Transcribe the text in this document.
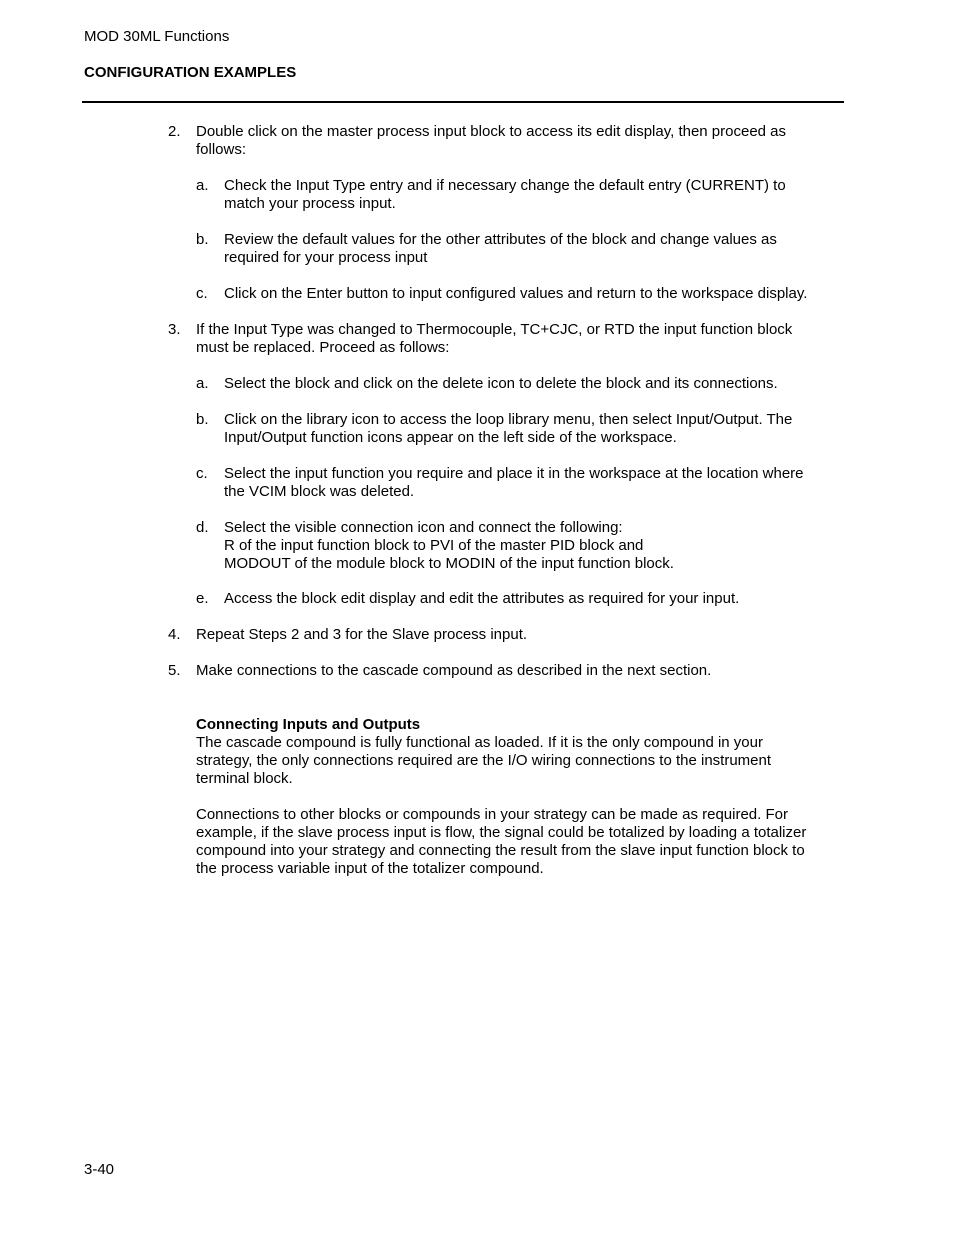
MOD 30ML Functions
CONFIGURATION EXAMPLES
2. Double click on the master process input block to access its edit display, then proceed as
follows:
a. Check the Input Type entry and if necessary change the default entry (CURRENT) to
match your process input.
b. Review the default values for the other attributes of the block and change values as
required for your process input
c. Click on the Enter button to input configured values and return to the workspace display.
3. If the Input Type was changed to Thermocouple, TC+CJC, or RTD the input function block
must be replaced. Proceed as follows:
a. Select the block and click on the delete icon to delete the block and its connections.
b. Click on the library icon to access the loop library menu, then select Input/Output. The
Input/Output function icons appear on the left side of the workspace.
c. Select the input function you require and place it in the workspace at the location where
the VCIM block was deleted.
d. Select the visible connection icon and connect the following:
R of the input function block to PVI of the master PID block and
MODOUT of the module block to MODIN of the input function block.
e. Access the block edit display and edit the attributes as required for your input.
4. Repeat Steps 2 and 3 for the Slave process input.
5. Make connections to the cascade compound as described in the next section.
Connecting Inputs and Outputs
The cascade compound is fully functional as loaded. If it is the only compound in your
strategy, the only connections required are the I/O wiring connections to the instrument
terminal block.
Connections to other blocks or compounds in your strategy can be made as required. For
example, if the slave process input is flow, the signal could be totalized by loading a totalizer
compound into your strategy and connecting the result from the slave input function block to
the process variable input of the totalizer compound.
3-40
